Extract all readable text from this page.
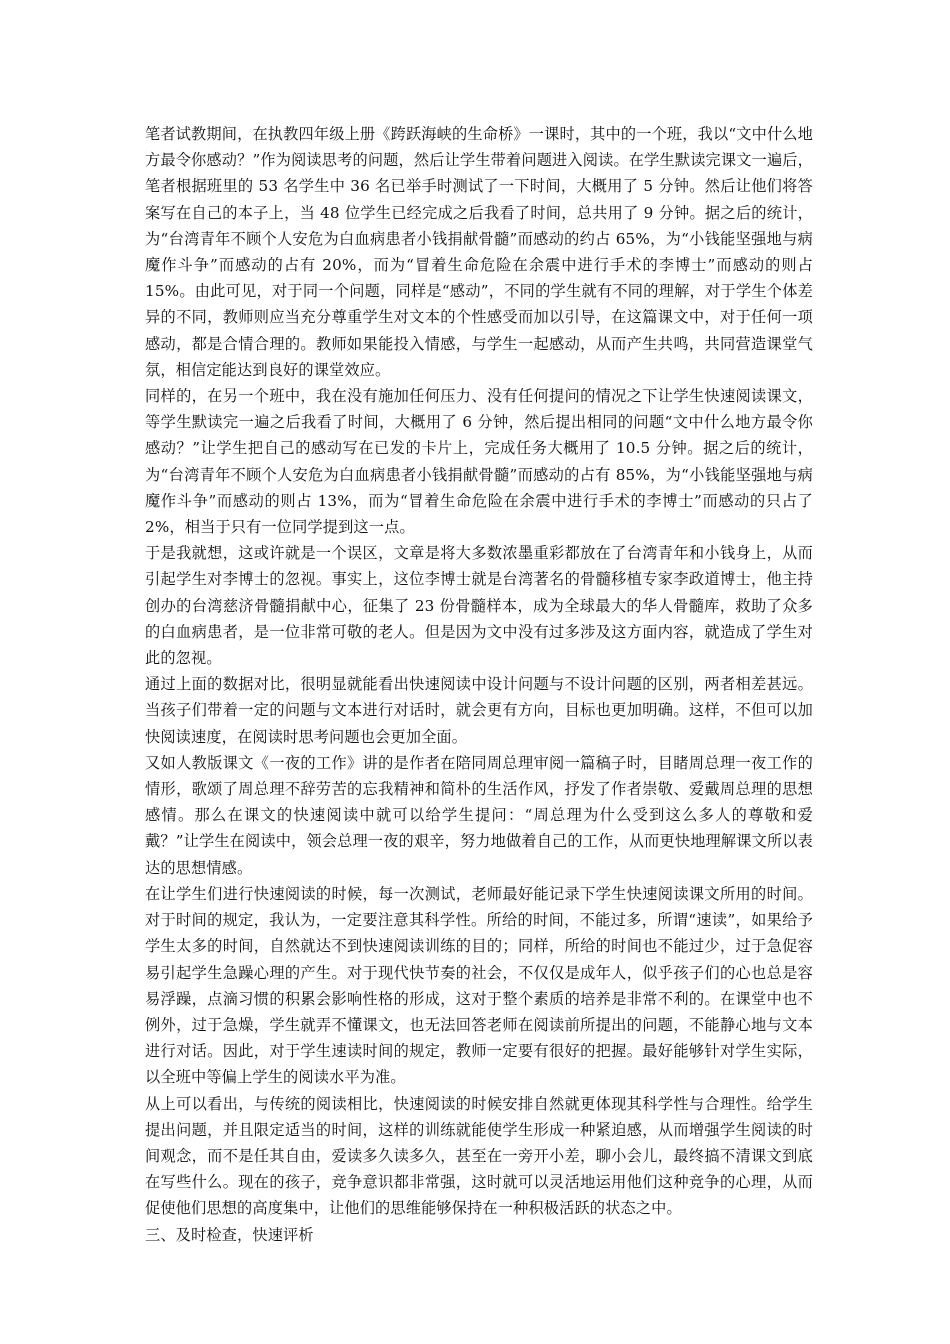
笔者试教期间，在执教四年级上册《跨跃海峡的生命桥》一课时，其中的一个班，我以“文中什么地方最令你感动？”作为阅读思考的问题，然后让学生带着问题进入阅读。在学生默读完课文一遍后，笔者根据班里的 53 名学生中 36 名已举手时测试了一下时间，大概用了 5 分钟。然后让他们将答案写在自己的本子上，当 48 位学生已经完成之后我看了时间，总共用了 9 分钟。据之后的统计，为“台湾青年不顾个人安危为白血病患者小钱捐献骨髓”而感动的约占 65%，为“小钱能坚强地与病魔作斗争”而感动的占有 20%，而为“冒着生命危险在余震中进行手术的李博士”而感动的则占 15%。由此可见，对于同一个问题，同样是“感动”，不同的学生就有不同的理解，对于学生个体差异的不同，教师则应当充分尊重学生对文本的个性感受而加以引导，在这篇课文中，对于任何一项感动，都是合情合理的。教师如果能投入情感，与学生一起感动，从而产生共鸣，共同营造课堂气氛，相信定能达到良好的课堂效应。

同样的，在另一个班中，我在没有施加任何压力、没有任何提问的情况之下让学生快速阅读课文，等学生默读完一遍之后我看了时间，大概用了 6 分钟，然后提出相同的问题“文中什么地方最令你感动？”让学生把自己的感动写在已发的卡片上，完成任务大概用了 10.5 分钟。据之后的统计，为“台湾青年不顾个人安危为白血病患者小钱捐献骨髓”而感动的占有 85%，为“小钱能坚强地与病魔作斗争”而感动的则占 13%，而为“冒着生命危险在余震中进行手术的李博士”而感动的只占了 2%，相当于只有一位同学提到这一点。

于是我就想，这或许就是一个误区，文章是将大多数浓墨重彩都放在了台湾青年和小钱身上，从而引起学生对李博士的忽视。事实上，这位李博士就是台湾著名的骨髓移植专家李政道博士，他主持创办的台湾慈济骨髓捐献中心，征集了 23 份骨髓样本，成为全球最大的华人骨髓库，救助了众多的白血病患者，是一位非常可敬的老人。但是因为文中没有过多涉及这方面内容，就造成了学生对此的忽视。

通过上面的数据对比，很明显就能看出快速阅读中设计问题与不设计问题的区别，两者相差甚远。当孩子们带着一定的问题与文本进行对话时，就会更有方向，目标也更加明确。这样，不但可以加快阅读速度，在阅读时思考问题也会更加全面。

又如人教版课文《一夜的工作》讲的是作者在陪同周总理审阅一篇稿子时，目睹周总理一夜工作的情形，歌颂了周总理不辞劳苦的忘我精神和简朴的生活作风，抒发了作者崇敬、爱戴周总理的思想感情。那么在课文的快速阅读中就可以给学生提问：“周总理为什么受到这么多人的尊敬和爱戴？”让学生在阅读中，领会总理一夜的艰辛，努力地做着自己的工作，从而更快地理解课文所以表达的思想情感。

在让学生们进行快速阅读的时候，每一次测试，老师最好能记录下学生快速阅读课文所用的时间。对于时间的规定，我认为，一定要注意其科学性。所给的时间，不能过多，所谓“速读”，如果给予学生太多的时间，自然就达不到快速阅读训练的目的；同样，所给的时间也不能过少，过于急促容易引起学生急躁心理的产生。对于现代快节奏的社会，不仅仅是成年人，似乎孩子们的心也总是容易浮躁，点滴习惯的积累会影响性格的形成，这对于整个素质的培养是非常不利的。在课堂中也不例外，过于急燥，学生就弄不懂课文，也无法回答老师在阅读前所提出的问题，不能静心地与文本进行对话。因此，对于学生速读时间的规定，教师一定要有很好的把握。最好能够针对学生实际，以全班中等偏上学生的阅读水平为准。

从上可以看出，与传统的阅读相比，快速阅读的时候安排自然就更体现其科学性与合理性。给学生提出问题，并且限定适当的时间，这样的训练就能使学生形成一种紧迫感，从而增强学生阅读的时间观念，而不是任其自由，爱读多久读多久，甚至在一旁开小差，聊小会儿，最终搞不清课文到底在写些什么。现在的孩子，竞争意识都非常强，这时就可以灵活地运用他们这种竞争的心理，从而促使他们思想的高度集中，让他们的思维能够保持在一种积极活跃的状态之中。

三、及时检查，快速评析
